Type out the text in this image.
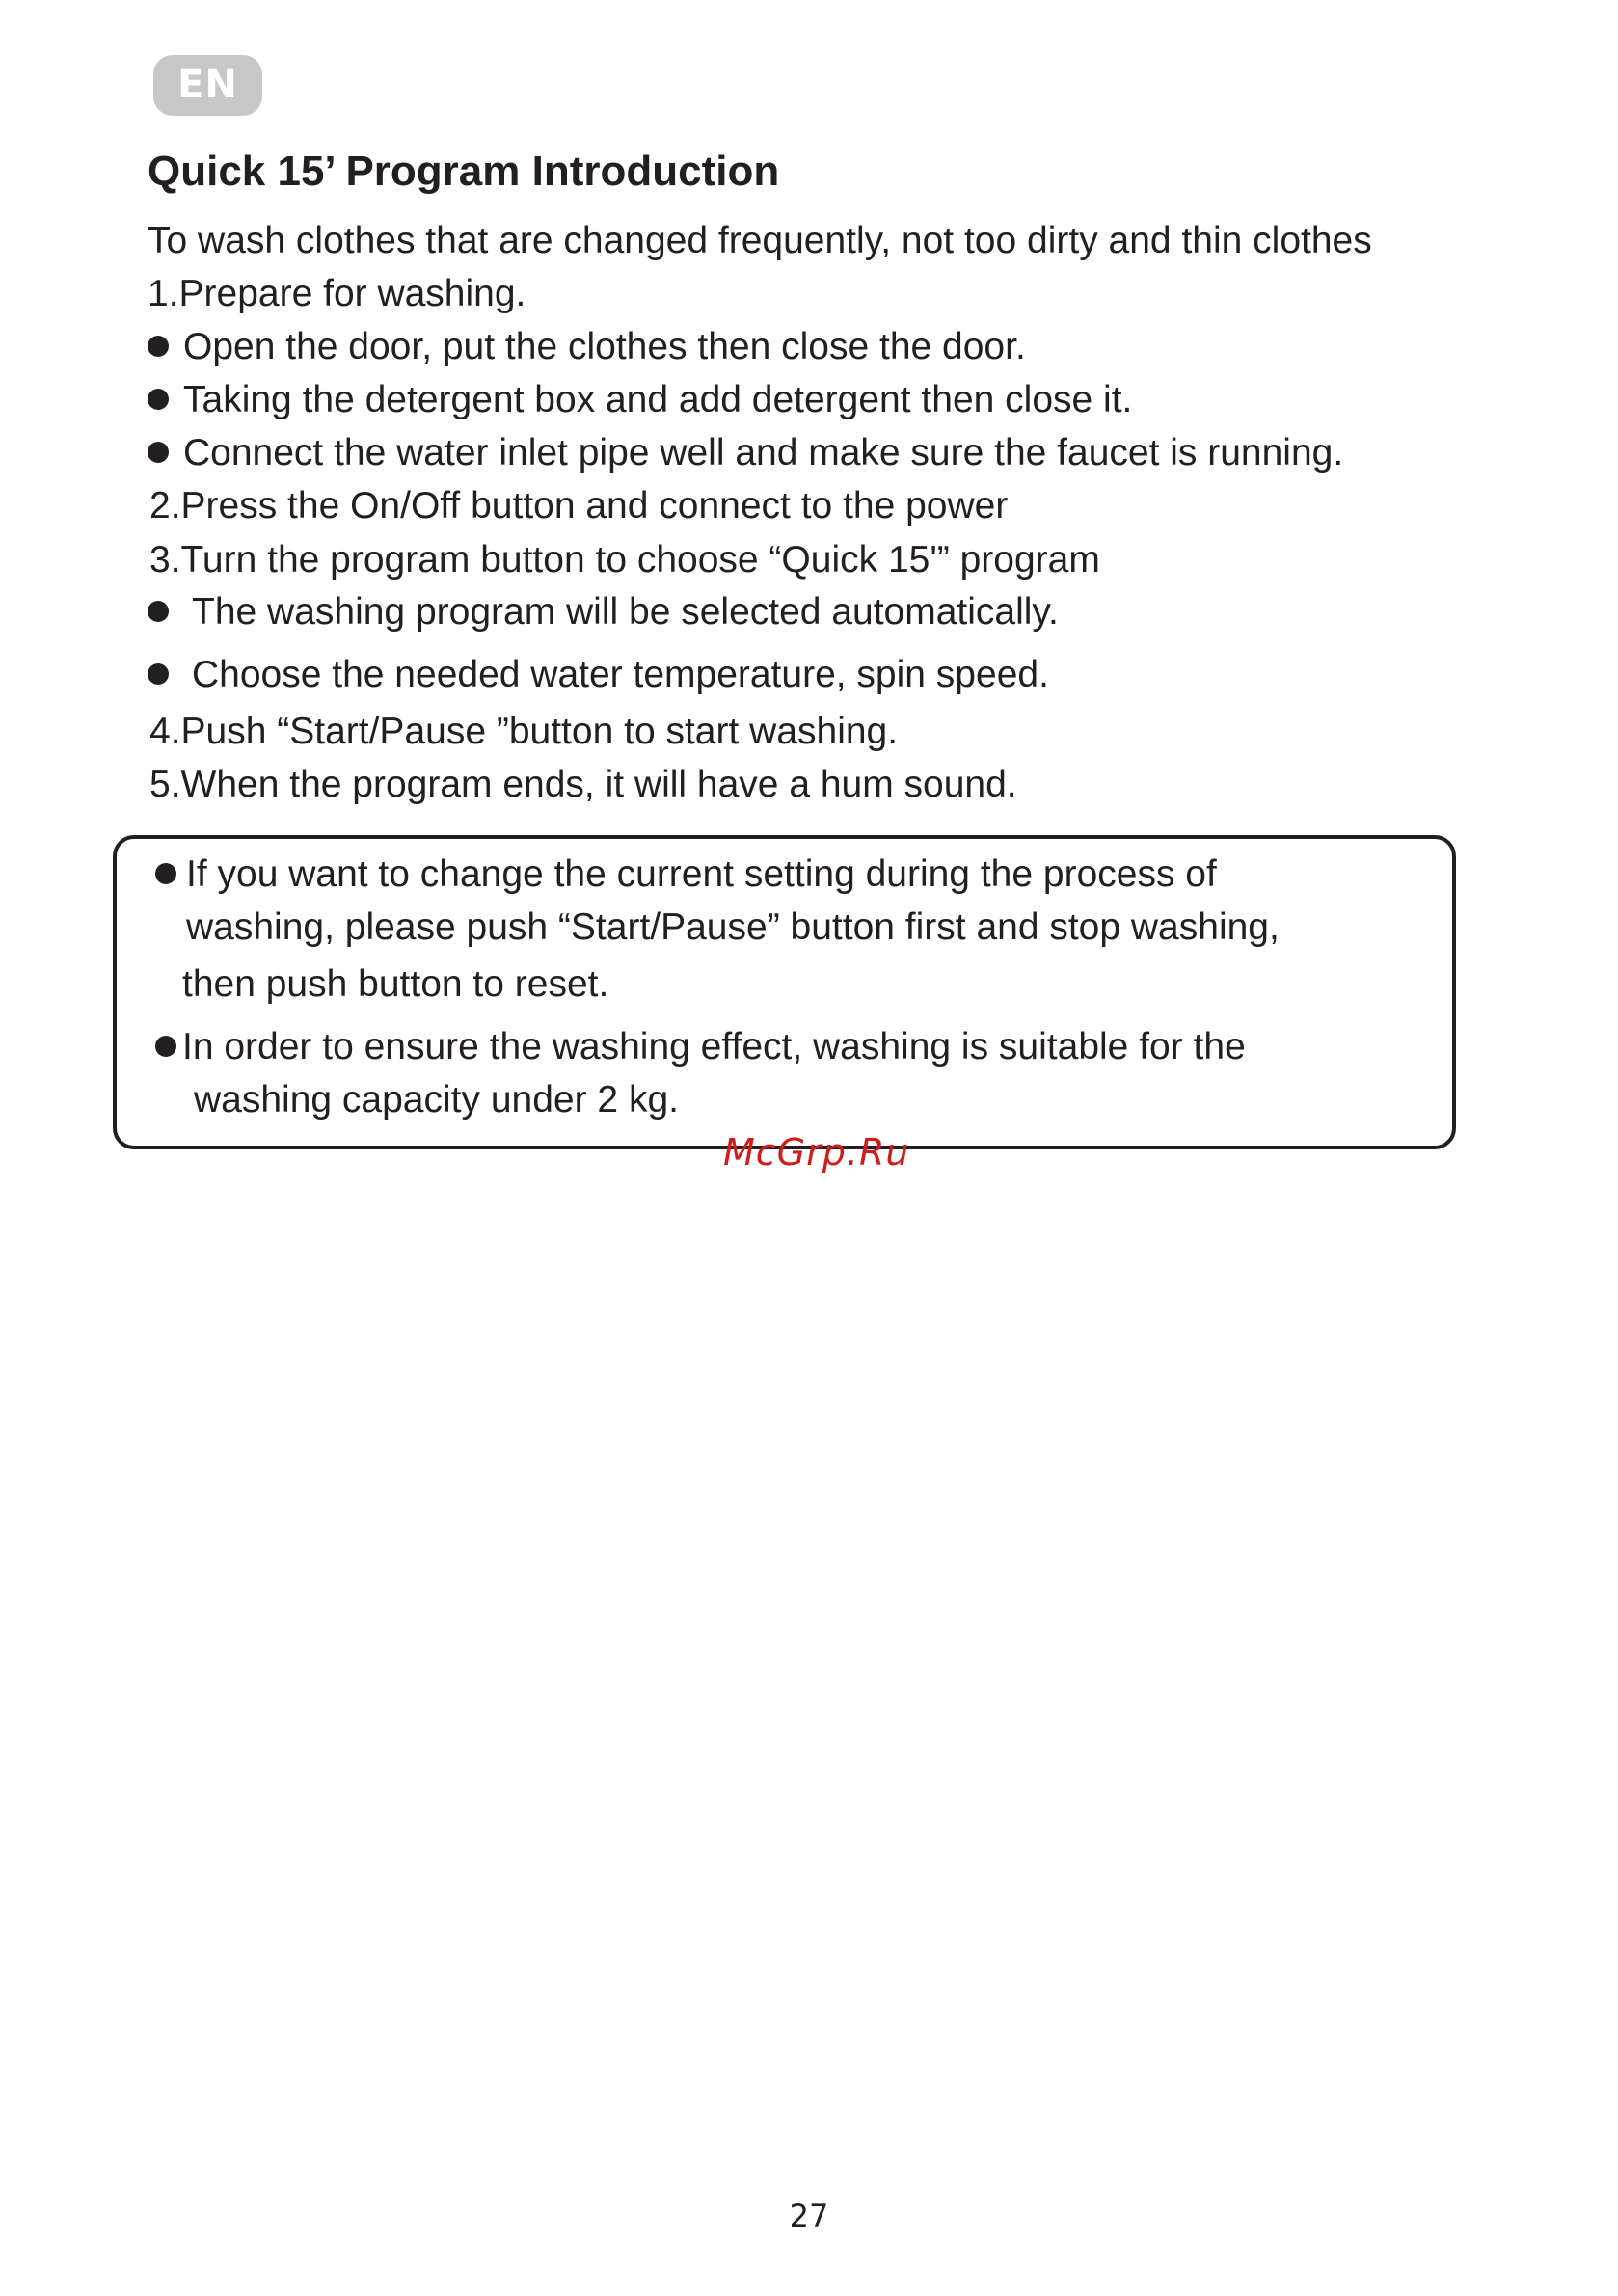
EN
Quick 15’ Program Introduction
To wash clothes that are changed frequently, not too dirty and thin clothes
1.Prepare for washing.
Open the door, put the clothes then close the door.
Taking the detergent box and add detergent then close it.
Connect the water inlet pipe well and make sure the faucet is running.
2.Press the On/Off button and connect to the power
3.Turn the program button to choose “Quick 15'” program
The washing program will be selected automatically.
Choose the needed water temperature, spin speed.
4.Push “Start/Pause ”button to start washing.
5.When the program ends, it will have a hum sound.
If you want to change the current setting during the process of
washing, please push “Start/Pause” button first and stop washing,
then push button to reset.
In order to ensure the washing effect, washing is suitable for the
washing capacity under 2 kg.
McGrp.Ru
27
